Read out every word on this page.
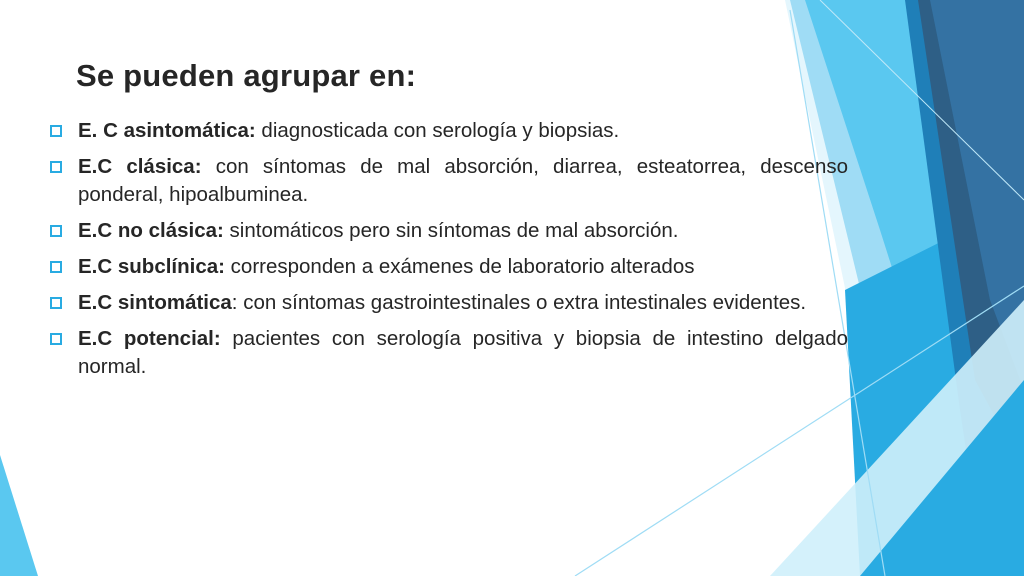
Se pueden agrupar en:
E. C asintomática: diagnosticada con serología y biopsias.
E.C clásica: con síntomas de mal absorción, diarrea, esteatorrea, descenso ponderal, hipoalbuminea.
E.C no clásica: sintomáticos pero sin síntomas de mal absorción.
E.C subclínica: corresponden a exámenes de laboratorio alterados
E.C sintomática: con síntomas gastrointestinales o extra intestinales evidentes.
E.C potencial: pacientes con serología positiva y biopsia de intestino delgado normal.
